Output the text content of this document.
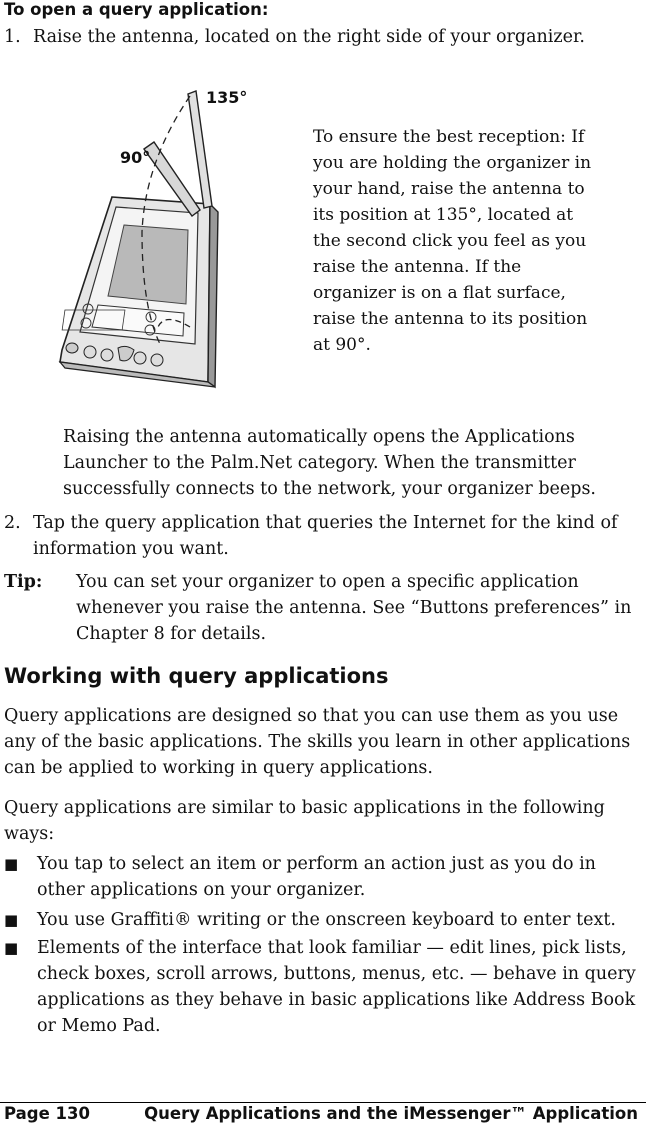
To open a query application:
1. Raise the antenna, located on the right side of your organizer.
135°
90°
To ensure the best reception: If you are holding the organizer in your hand, raise the antenna to its position at 135°, located at the second click you feel as you raise the antenna. If the organizer is on a flat surface, raise the antenna to its position at 90°.
Raising the antenna automatically opens the Applications Launcher to the Palm.Net category. When the transmitter successfully connects to the network, your organizer beeps.
2. Tap the query application that queries the Internet for the kind of information you want.
Tip: You can set your organizer to open a specific application whenever you raise the antenna. See “Buttons preferences” in Chapter 8 for details.
Working with query applications
Query applications are designed so that you can use them as you use any of the basic applications. The skills you learn in other applications can be applied to working in query applications.
Query applications are similar to basic applications in the following ways:
■ You tap to select an item or perform an action just as you do in other applications on your organizer.
■ You use Graffiti® writing or the onscreen keyboard to enter text.
■ Elements of the interface that look familiar — edit lines, pick lists, check boxes, scroll arrows, buttons, menus, etc. — behave in query applications as they behave in basic applications like Address Book or Memo Pad.
Page 130	Query Applications and the iMessenger™ Application
